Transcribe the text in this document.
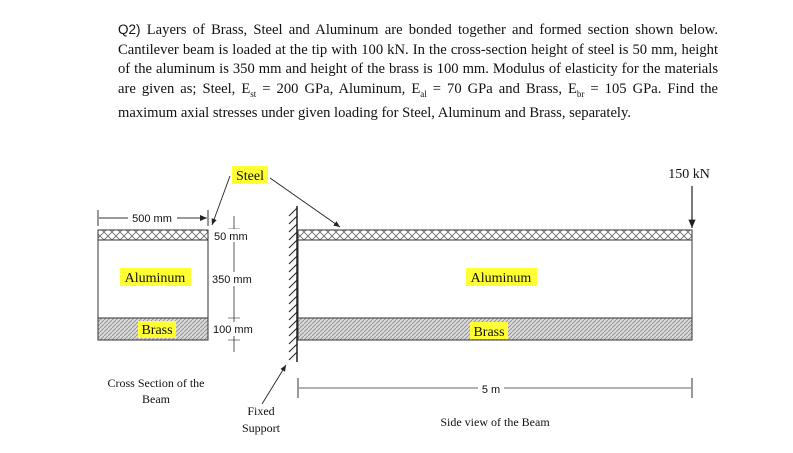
Q2) Layers of Brass, Steel and Aluminum are bonded together and formed section shown below. Cantilever beam is loaded at the tip with 100 kN. In the cross-section height of steel is 50 mm, height of the aluminum is 350 mm and height of the brass is 100 mm. Modulus of elasticity for the materials are given as; Steel, $E_{st} = 200$ GPa, Aluminum, $E_{al} = 70$ GPa and Brass, $E_{br} = 105$ GPa. Find the maximum axial stresses under given loading for Steel, Aluminum and Brass, separately.
Aluminum
Brass
500 mm
50 mm
350 mm
100 mm
Cross Section of the
Beam
Steel
Fixed
Support
Aluminum
Brass
150 kN
5 m
Side view of the Beam
